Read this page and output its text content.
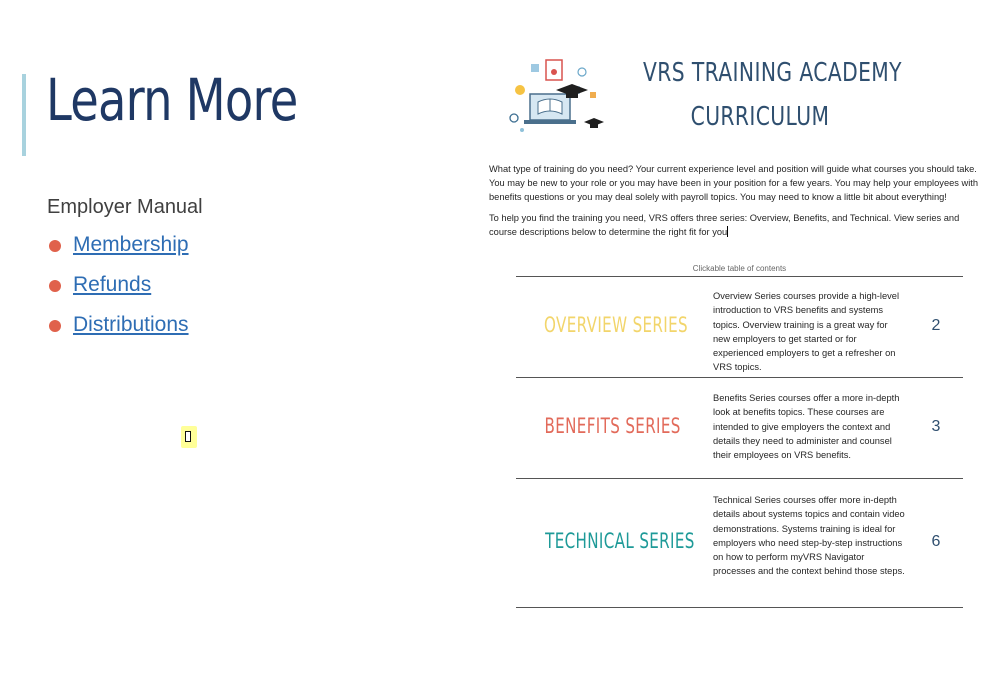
Learn More
Employer Manual
Membership
Refunds
Distributions
VRS TRAINING ACADEMY
CURRICULUM

What type of training do you need? Your current experience level and position will guide what courses you should take. You may be new to your role or you may have been in your position for a few years. You may help your employees with benefits questions or you may deal solely with payroll topics. You may need to know a little bit about everything!

To help you find the training you need, VRS offers three series: Overview, Benefits, and Technical. View series and course descriptions below to determine the right fit for you

Clickable table of contents
OVERVIEW SERIES
Overview Series courses provide a high-level introduction to VRS benefits and systems topics. Overview training is a great way for new employers to get started or for experienced employers to get a refresher on VRS topics.
2
BENEFITS SERIES
Benefits Series courses offer a more in-depth look at benefits topics. These courses are intended to give employers the context and details they need to administer and counsel their employees on VRS benefits.
3
TECHNICAL SERIES
Technical Series courses offer more in-depth details about systems topics and contain video demonstrations. Systems training is ideal for employers who need step-by-step instructions on how to perform myVRS Navigator processes and the context behind those steps.
6
